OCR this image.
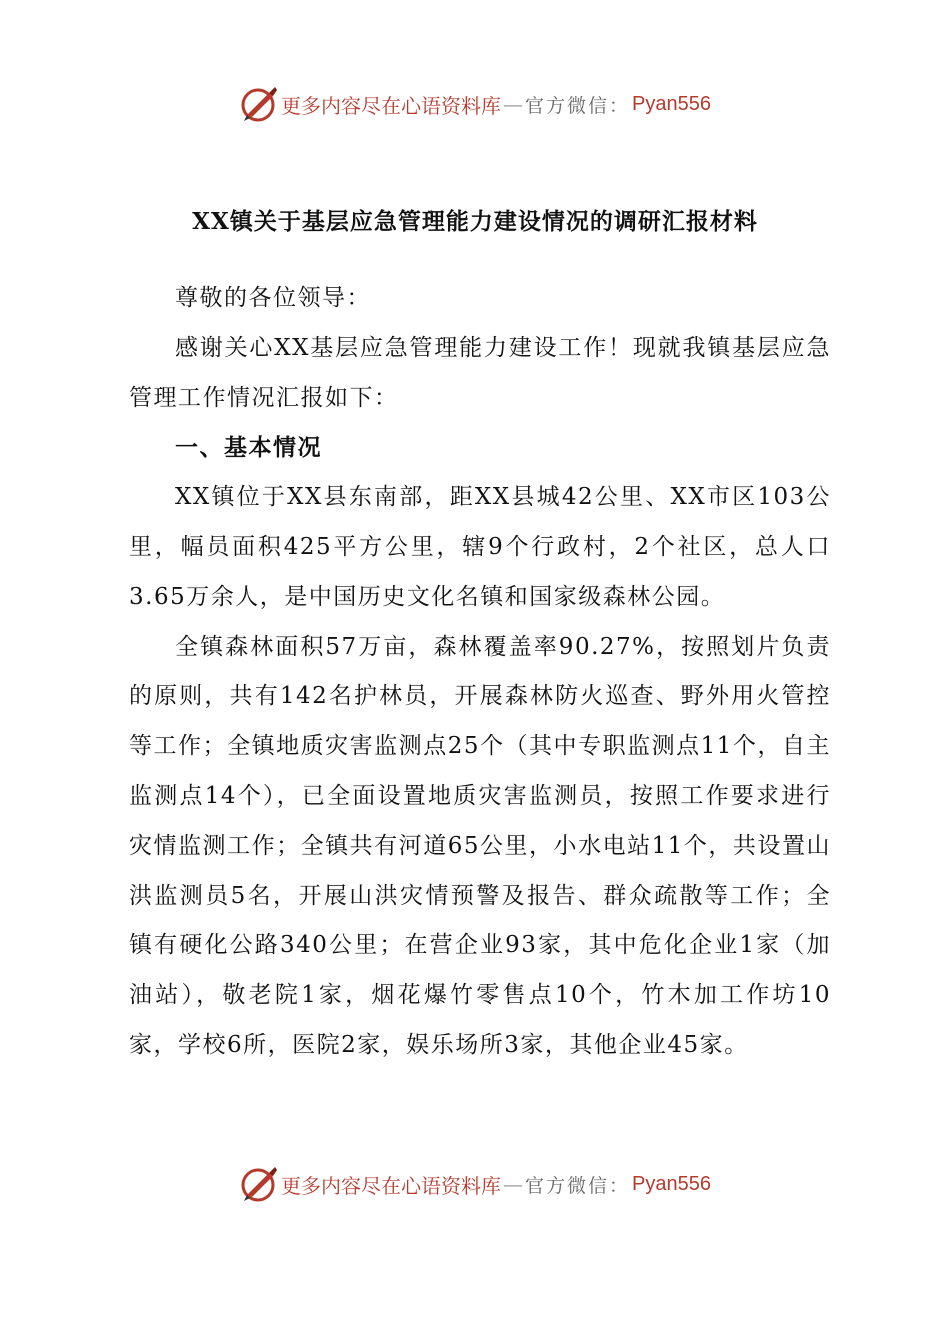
更多内容尽在心语资料库 — 官方微信： Pyan556
XX镇关于基层应急管理能力建设情况的调研汇报材料

尊敬的各位领导：

感谢关心XX基层应急管理能力建设工作！现就我镇基层应急管理工作情况汇报如下：

一、基本情况

XX镇位于XX县东南部，距XX县城42公里、XX市区103公里，幅员面积425平方公里，辖9个行政村，2个社区，总人口3.65万余人，是中国历史文化名镇和国家级森林公园。

全镇森林面积57万亩，森林覆盖率90.27%，按照划片负责的原则，共有142名护林员，开展森林防火巡查、野外用火管控等工作；全镇地质灾害监测点25个（其中专职监测点11个，自主监测点14个），已全面设置地质灾害监测员，按照工作要求进行灾情监测工作；全镇共有河道65公里，小水电站11个，共设置山洪监测员5名，开展山洪灾情预警及报告、群众疏散等工作；全镇有硬化公路340公里；在营企业93家，其中危化企业1家（加油站），敬老院1家，烟花爆竹零售点10个，竹木加工作坊10家，学校6所，医院2家，娱乐场所3家，其他企业45家。

更多内容尽在心语资料库 — 官方微信： Pyan556
